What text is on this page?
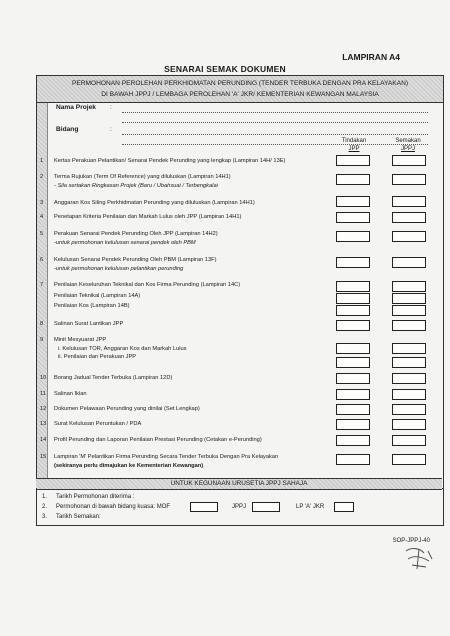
LAMPIRAN A4
SENARAI SEMAK DOKUMEN
PERMOHONAN PEROLEHAN PERKHIDMATAN PERUNDING (TENDER TERBUKA DENGAN PRA KELAYAKAN)
DI BAWAH JPPJ / LEMBAGA PEROLEHAN 'A' JKR/ KEMENTERIAN KEWANGAN MALAYSIA
Nama Projek :
Bidang	:
Tindakan
JPP
Semakan
JPPJ
1	Kertas Perakuan Pelantikan/ Senarai Pendek Perunding yang lengkap (Lampiran 14H/ 13E)
2	Terma Rujukan (Term Of Reference) yang diluluskan (Lampiran 14H1)
- Sila sertakan Ringkasan Projek (Baru / Ubahsuai / Terbengkalai
3	Anggaran Kos Siling Perkhidmatan Perunding yang diluluskan (Lampiran 14H1)
4	Penetapan Kriteria Penilaian dan Markah Lulus oleh JPP (Lampiran 14H1)
5	Perakuan Senarai Pendek Perunding Oleh JPP (Lampiran 14H2)
-untuk permohonan kelulusan senarai pendek oleh PBM
6	Kelulusan Senarai Pendek Perunding Oleh PBM (Lampiran 13F)
-untuk permohonan kelulusan pelantikan perunding
7	Penilaian Keseluruhan Teknikal dan Kos Firma Perunding (Lampiran 14C)
Penilaian Teknikal (Lampiran 14A)
Penilaian Kos (Lampiran 14B)
8	Salinan Surat Lantikan JPP
9	Minit Mesyuarat JPP
i. Kelulusan TOR, Anggaran Kos dan Markah Lulus
ii. Penilaian dan Perakuan JPP
10	Borang Jadual Tender Terbuka (Lampiran 12D)
11	Salinan Iklan
12	Dokumen Pelawaan Perunding yang dinilai (Set Lengkap)
13	Surat Kelulusan Peruntukan / PDA
14	Profil Perunding dan Laporan Penilaian Prestasi Perunding (Cetakan e-Perunding)
15	Lampiran 'M' Pelantikan Firma Perunding Secara Tender Terbuka Dengan Pra Kelayakan
(sekiranya perlu dimajukan ke Kementerian Kewangan)
UNTUK KEGUNAAN URUSETIA JPPJ SAHAJA
1. Tarikh Permohonan diterima :
2. Permohonan di bawah bidang kuasa: MOF
3. Tarikh Semakan:
JPPJ	LP 'A' JKR
SOP-JPPJ-40
